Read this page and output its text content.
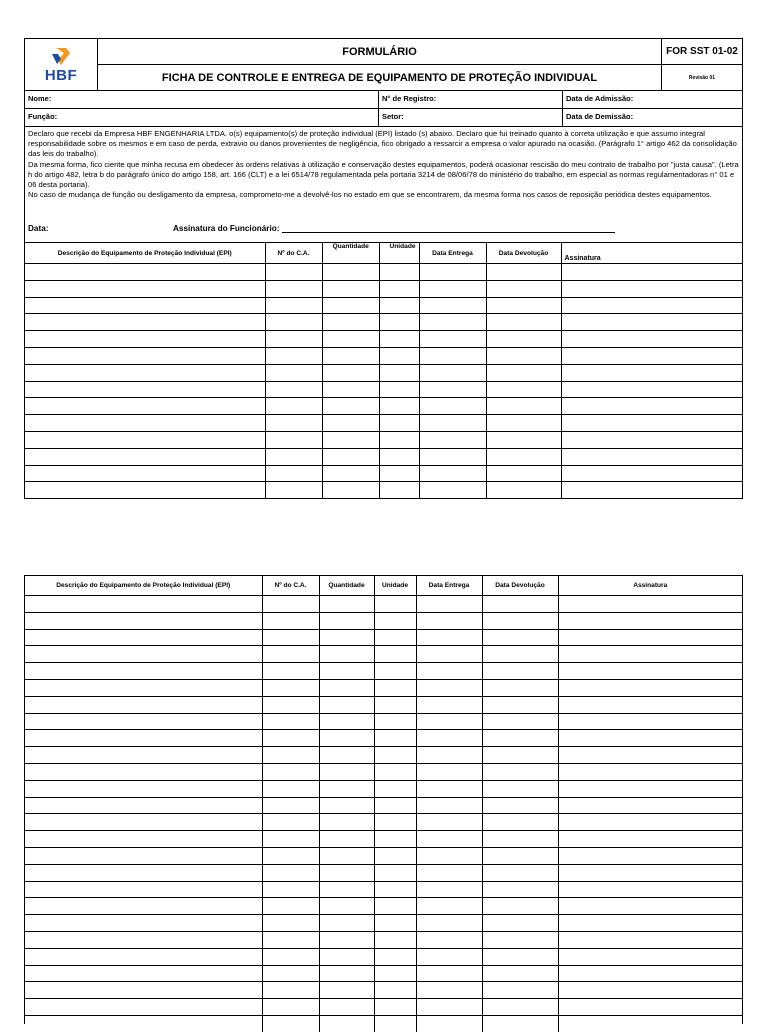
HBF
FORMULÁRIO
FICHA DE CONTROLE E ENTREGA DE EQUIPAMENTO DE PROTEÇÃO INDIVIDUAL
FOR SST 01-02
Revisão 01
Nome:	N° de Registro:	Data de Admissão:
Função:	Setor:	Data de Demissão:
Declaro que recebi da Empresa HBF ENGENHARIA LTDA. o(s) equipamento(s) de proteção individual (EPI) listado (s) abaixo. Declaro que fui treinado quanto à correta utilização e que assumo integral responsabilidade sobre os mesmos e em caso de perda, extravio ou danos provenientes de negligência, fico obrigado a ressarcir a empresa o valor apurado na ocasião. (Parágrafo 1° artigo 462 da consolidação das leis do trabalho).
Da mesma forma, fico ciente que minha recusa em obedecer às ordens relativas à utilização e conservação destes equipamentos, poderá ocasionar rescisão do meu contrato de trabalho por "justa causa". (Letra h do artigo 482, letra b do parágrafo único do artigo 158, art. 166 (CLT) e a lei 6514/78 regulamentada pela portaria 3214 de 08/06/78 do ministério do trabalho, em especial as normas regulamentadoras n° 01 e 06 desta portaria).
No caso de mudança de função ou desligamento da empresa, comprometo-me a devolvê-los no estado em que se encontrarem, da mesma forma nos casos de reposição periódica destes equipamentos.
Data:	Assinatura do Funcionário:
Descrição do Equipamento de Proteção Individual (EPI)	Nº do C.A.	Quantidade	Unidade	Data Entrega	Data Devolução	Assinatura

Descrição do Equipamento de Proteção Individual (EPI)	Nº do C.A.	Quantidade	Unidade	Data Entrega	Data Devolução	Assinatura
